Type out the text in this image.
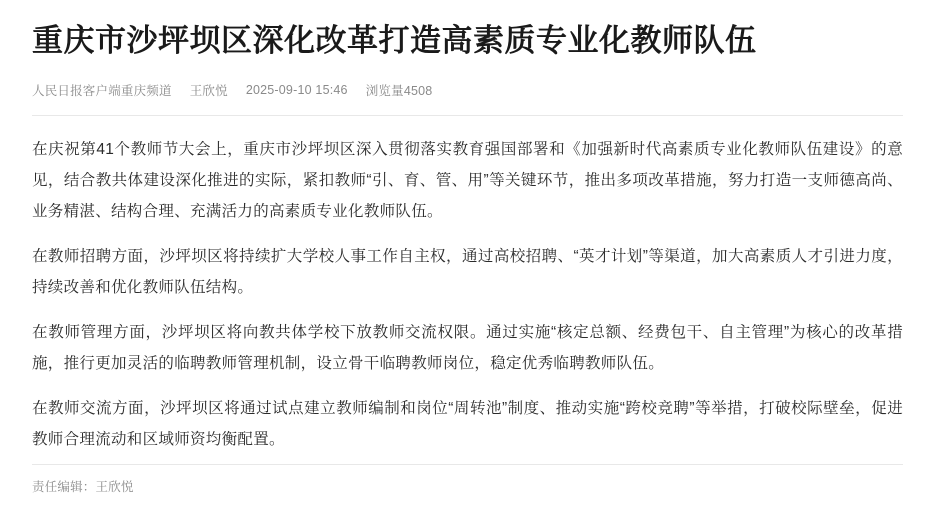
重庆市沙坪坝区深化改革打造高素质专业化教师队伍
人民日报客户端重庆频道 王欣悦 2025-09-10 15:46 浏览量4508

在庆祝第41个教师节大会上，重庆市沙坪坝区深入贯彻落实教育强国部署和《加强新时代高素质专业化教师队伍建设》的意见，结合教共体建设深化推进的实际，紧扣教师“引、育、管、用”等关键环节，推出多项改革措施，努力打造一支师德高尚、业务精湛、结构合理、充满活力的高素质专业化教师队伍。

在教师招聘方面，沙坪坝区将持续扩大学校人事工作自主权，通过高校招聘、“英才计划”等渠道，加大高素质人才引进力度，持续改善和优化教师队伍结构。

在教师管理方面，沙坪坝区将向教共体学校下放教师交流权限。通过实施“核定总额、经费包干、自主管理”为核心的改革措施，推行更加灵活的临聘教师管理机制，设立骨干临聘教师岗位，稳定优秀临聘教师队伍。

在教师交流方面，沙坪坝区将通过试点建立教师编制和岗位“周转池”制度、推动实施“跨校竞聘”等举措，打破校际壁垒，促进教师合理流动和区域师资均衡配置。

责任编辑：王欣悦
